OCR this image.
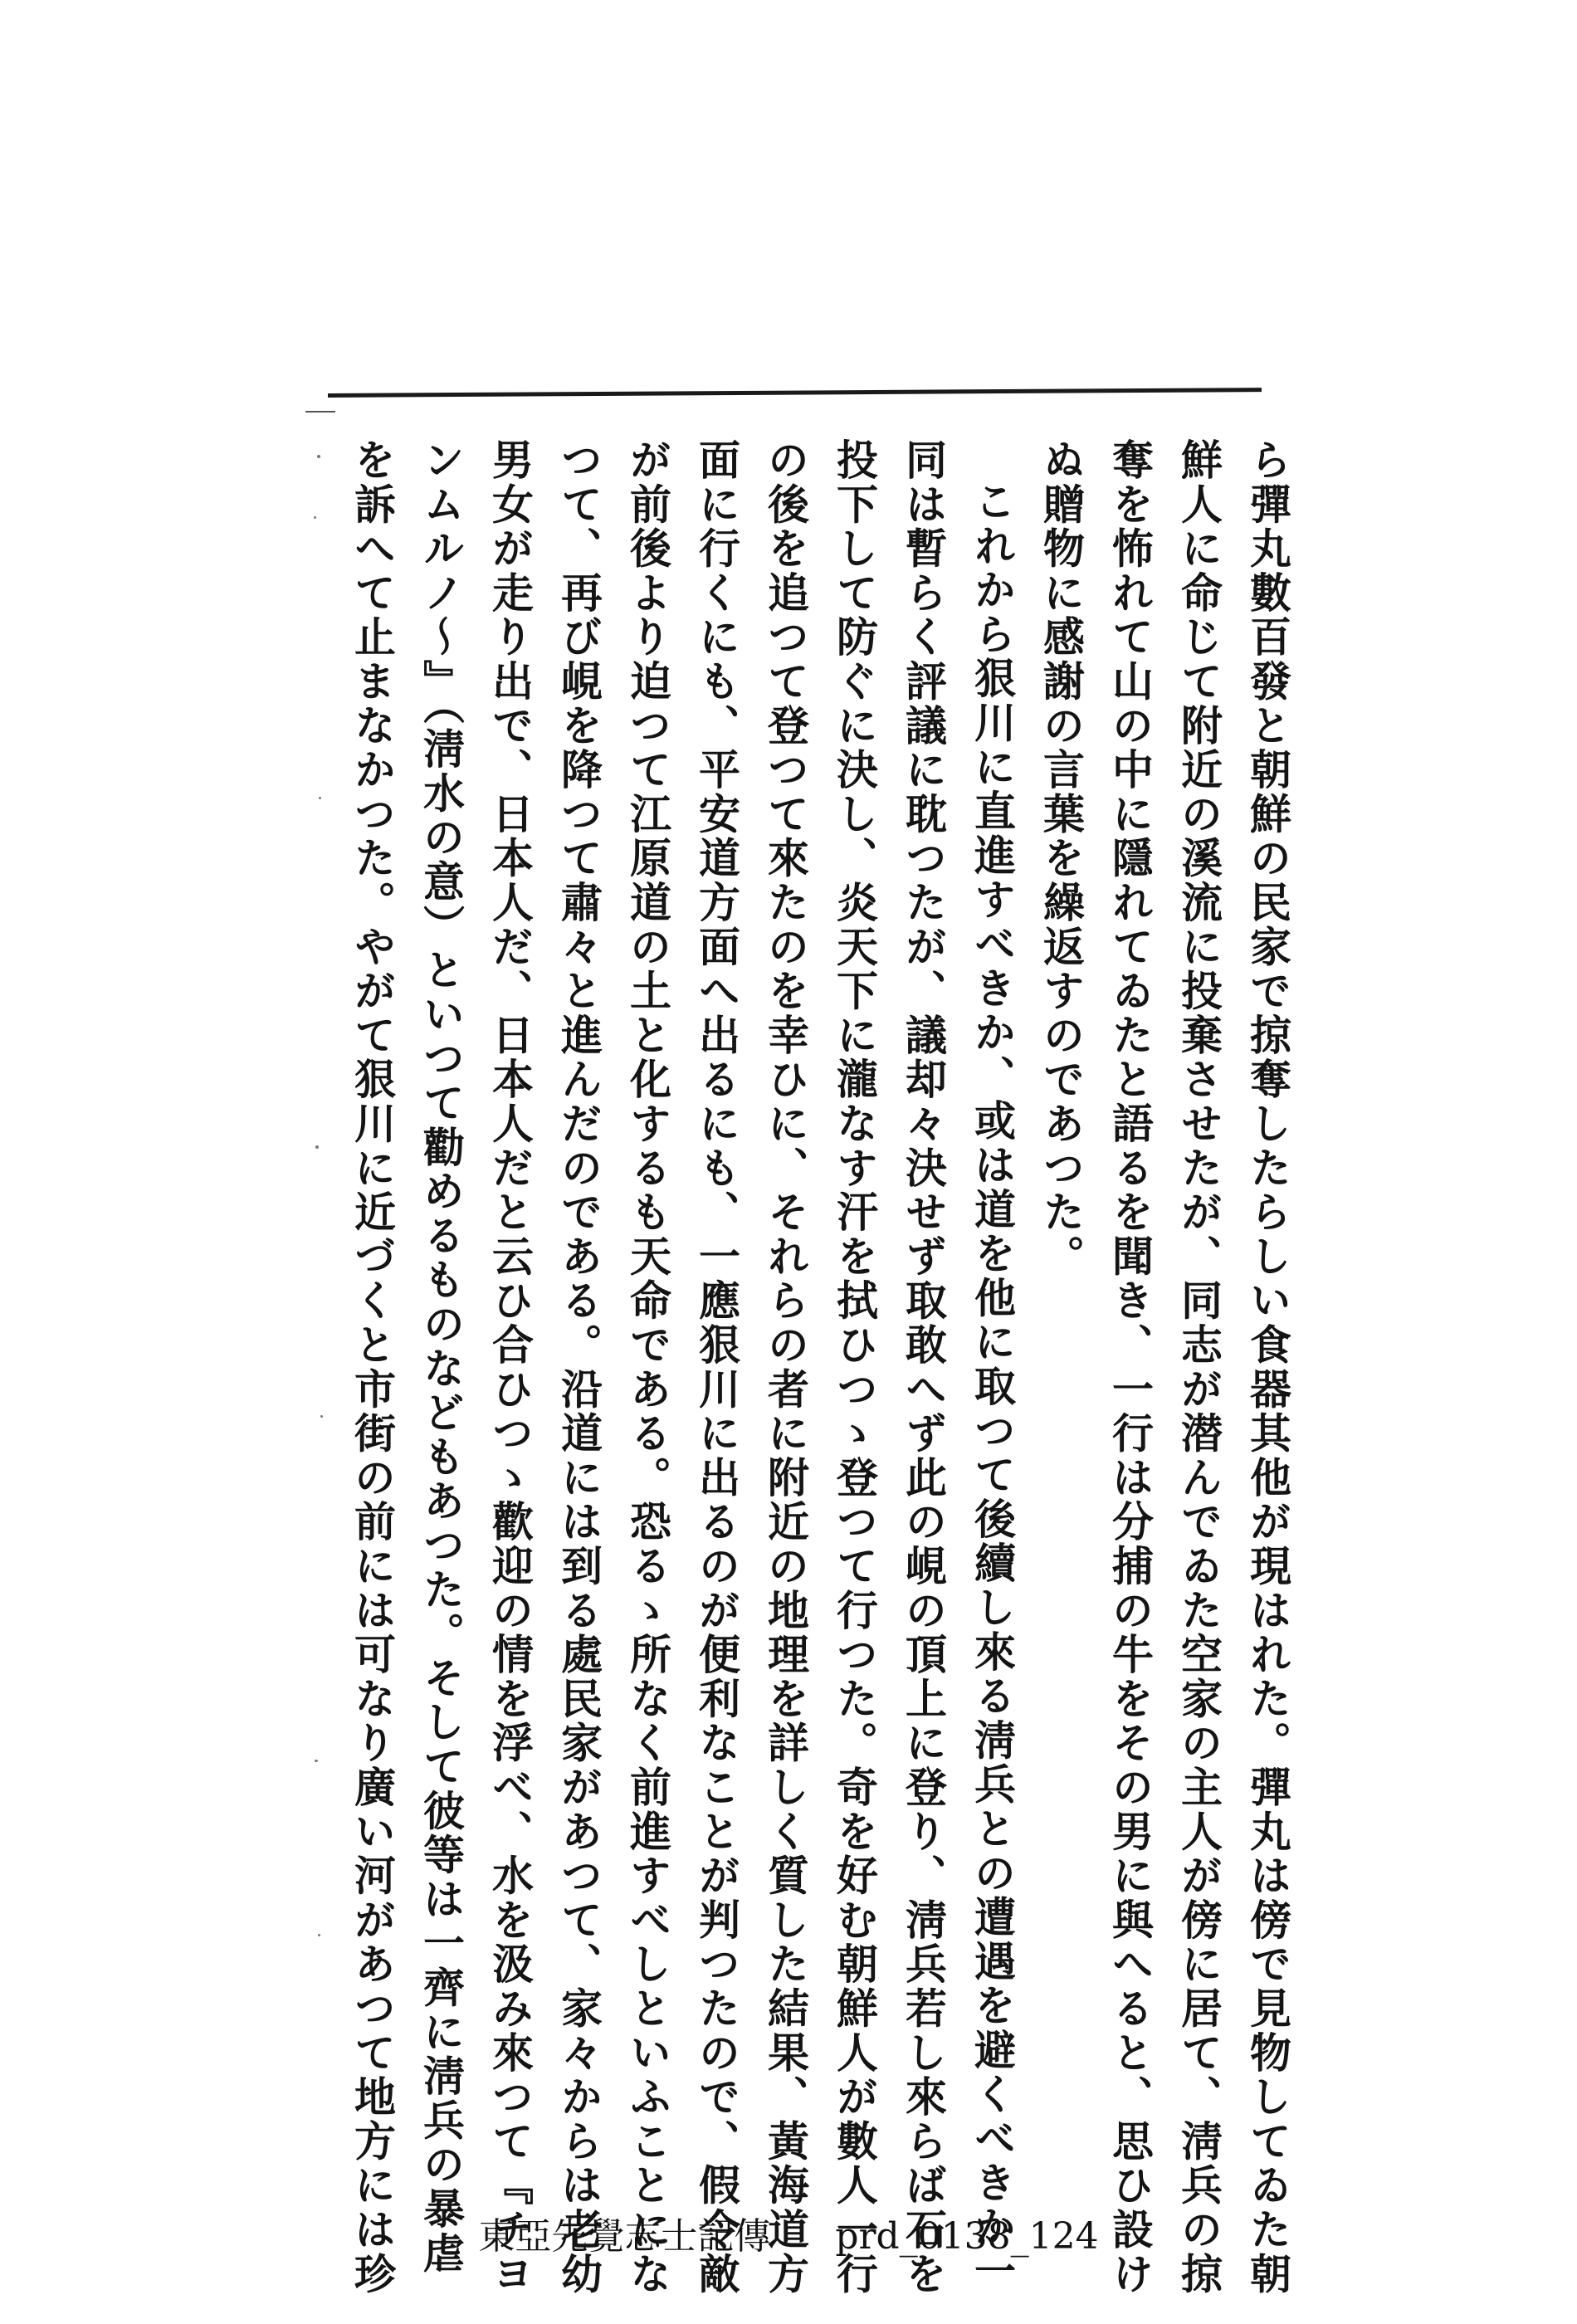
ら彈丸數百發と朝鮮の民家で掠奪したらしい食器其他が現はれた。彈丸は傍で見物してゐた朝
鮮人に命じて附近の溪流に投棄させたが、同志が潜んでゐた空家の主人が傍に居て、淸兵の掠
奪を怖れて山の中に隱れてゐたと語るを聞き、一行は分捕の牛をその男に與へると、思ひ設け
ぬ贈物に感謝の言葉を繰返すのであつた。
これから狠川に直進すべきか、或は道を他に取つて後續し來る淸兵との遭遇を避くべきか一
同は暫らく評議に耽つたが、議却々決せず取敢へず此の峴の頂上に登り、淸兵若し來らば石を
投下して防ぐに決し、炎天下に瀧なす汗を拭ひつゝ登つて行つた。奇を好む朝鮮人が數人一行
の後を追つて登つて來たのを幸ひに、それらの者に附近の地理を詳しく質した結果、黃海道方
面に行くにも、平安道方面へ出るにも、一應狠川に出るのが便利なことが判つたので、假令敵
が前後より迫つて江原道の土と化するも天命である。恐るゝ所なく前進すべしといふことにな
つて、再び峴を降つて肅々と進んだのである。沿道には到る處民家があつて、家々からは老幼
男女が走り出で、日本人だ、日本人だと云ひ合ひつゝ歡迎の情を浮べ、水を汲み來つて『チヨ
ンムルノ〜』（淸水の意）といつて勸めるものなどもあつた。そして彼等は一齊に淸兵の暴虐
を訴へて止まなかつた。やがて狠川に近づくと市街の前には可なり廣い河があつて地方には珍	東亞先覺志士記傳 prd_0138_124
